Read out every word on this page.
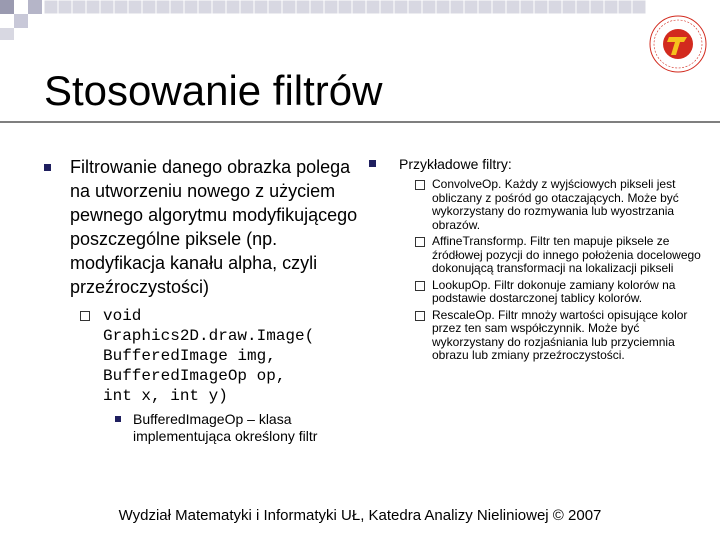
Stosowanie filtrów
Filtrowanie danego obrazka polega na utworzeniu nowego z użyciem pewnego algorytmu modyfikującego poszczególne piksele (np. modyfikacja kanału alpha, czyli przeźroczystości)
void
Graphics2D.draw.Image(
BufferedImage img,
BufferedImageOp op,
int x, int y)
BufferedImageOp – klasa implementująca określony filtr
Przykładowe filtry:
ConvolveOp. Każdy z wyjściowych pikseli jest obliczany z pośród go otaczających. Może być wykorzystany do rozmywania lub wyostrzania obrazów.
AffineTransformp. Filtr ten mapuje piksele ze źródłowej pozycji do innego położenia docelowego dokonującą transformacji na lokalizacji pikseli
LookupOp. Filtr dokonuje zamiany kolorów na podstawie dostarczonej tablicy kolorów.
RescaleOp. Filtr mnoży wartości opisujące kolor przez ten sam współczynnik. Może być wykorzystany do rozjaśniania lub przyciemnia obrazu lub zmiany przeźroczystości.
Wydział Matematyki i Informatyki UŁ, Katedra Analizy Nieliniowej © 2007
